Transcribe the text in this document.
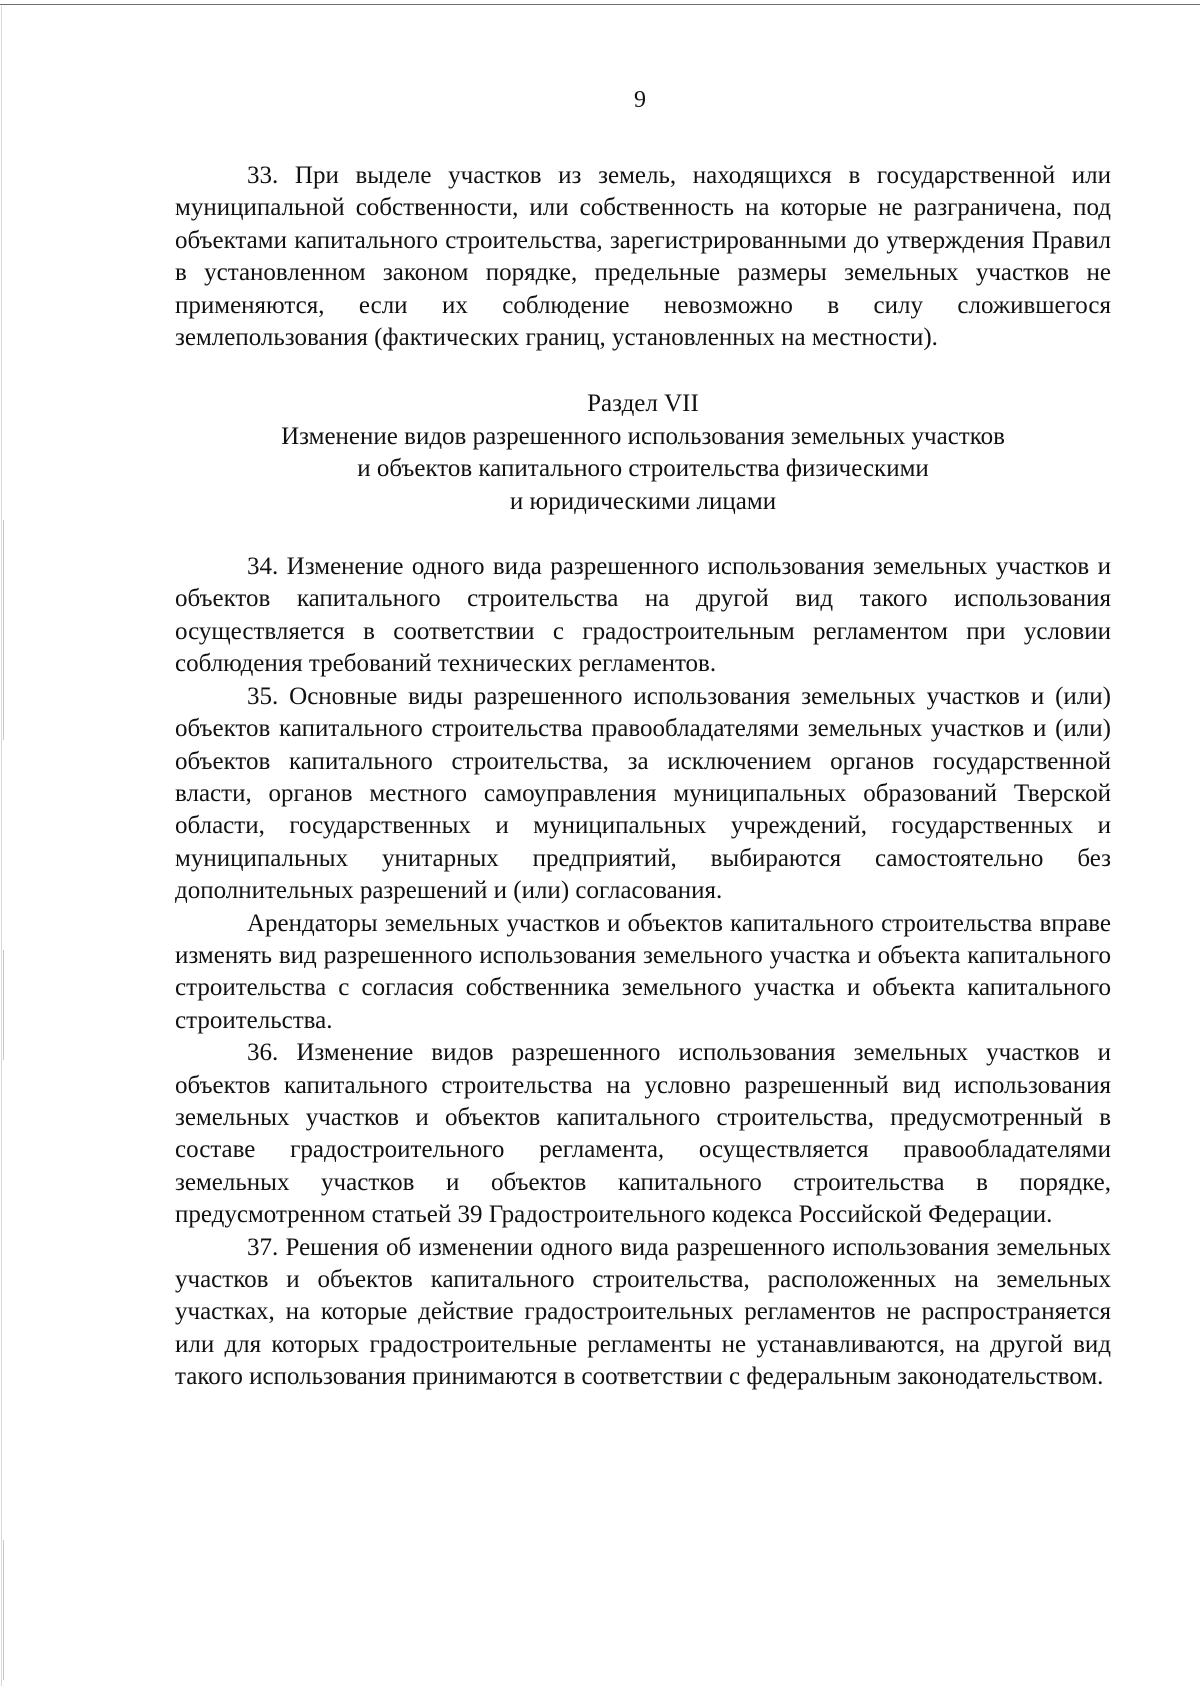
9

33. При выделе участков из земель, находящихся в государственной или муниципальной собственности, или собственность на которые не разграничена, под объектами капитального строительства, зарегистрированными до утверждения Правил в установленном законом порядке, предельные размеры земельных участков не применяются, если их соблюдение невозможно в силу сложившегося землепользования (фактических границ, установленных на местности).

Раздел VII
Изменение видов разрешенного использования земельных участков
и объектов капитального строительства физическими
и юридическими лицами

34. Изменение одного вида разрешенного использования земельных участков и объектов капитального строительства на другой вид такого использования осуществляется в соответствии с градостроительным регламентом при условии соблюдения требований технических регламентов.

35. Основные виды разрешенного использования земельных участков и (или) объектов капитального строительства правообладателями земельных участков и (или) объектов капитального строительства, за исключением органов государственной власти, органов местного самоуправления муниципальных образований Тверской области, государственных и муниципальных учреждений, государственных и муниципальных унитарных предприятий, выбираются самостоятельно без дополнительных разрешений и (или) согласования.

Арендаторы земельных участков и объектов капитального строительства вправе изменять вид разрешенного использования земельного участка и объекта капитального строительства с согласия собственника земельного участка и объекта капитального строительства.

36. Изменение видов разрешенного использования земельных участков и объектов капитального строительства на условно разрешенный вид использования земельных участков и объектов капитального строительства, предусмотренный в составе градостроительного регламента, осуществляется правообладателями земельных участков и объектов капитального строительства в порядке, предусмотренном статьей 39 Градостроительного кодекса Российской Федерации.

37. Решения об изменении одного вида разрешенного использования земельных участков и объектов капитального строительства, расположенных на земельных участках, на которые действие градостроительных регламентов не распространяется или для которых градостроительные регламенты не устанавливаются, на другой вид такого использования принимаются в соответствии с федеральным законодательством.
